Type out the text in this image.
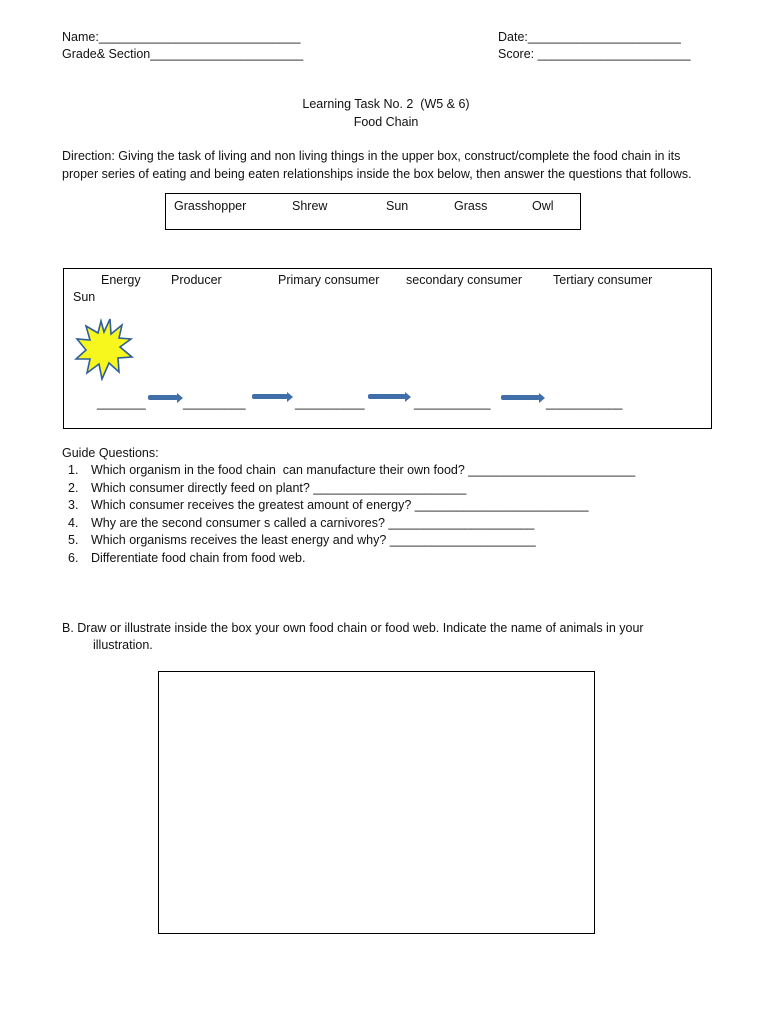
Name:_____________________________
Grade& Section______________________
Date:______________________
Score: ______________________
Learning Task No. 2  (W5 & 6)
Food Chain
Direction: Giving the task of living and non living things in the upper box, construct/complete the food chain in its
proper series of eating and being eaten relationships inside the box below, then answer the questions that follows.
Grasshopper	Shrew	Sun	Grass	Owl
Energy Producer	Primary consumer secondary consumer Tertiary consumer
Sun
_______	_________	__________	___________	___________
Guide Questions:
1. Which organism in the food chain  can manufacture their own food? ________________________
2. Which consumer directly feed on plant? ______________________
3. Which consumer receives the greatest amount of energy? _________________________
4. Why are the second consumer s called a carnivores? _____________________
5. Which organisms receives the least energy and why? _____________________
6. Differentiate food chain from food web.
B. Draw or illustrate inside the box your own food chain or food web. Indicate the name of animals in your
illustration.
